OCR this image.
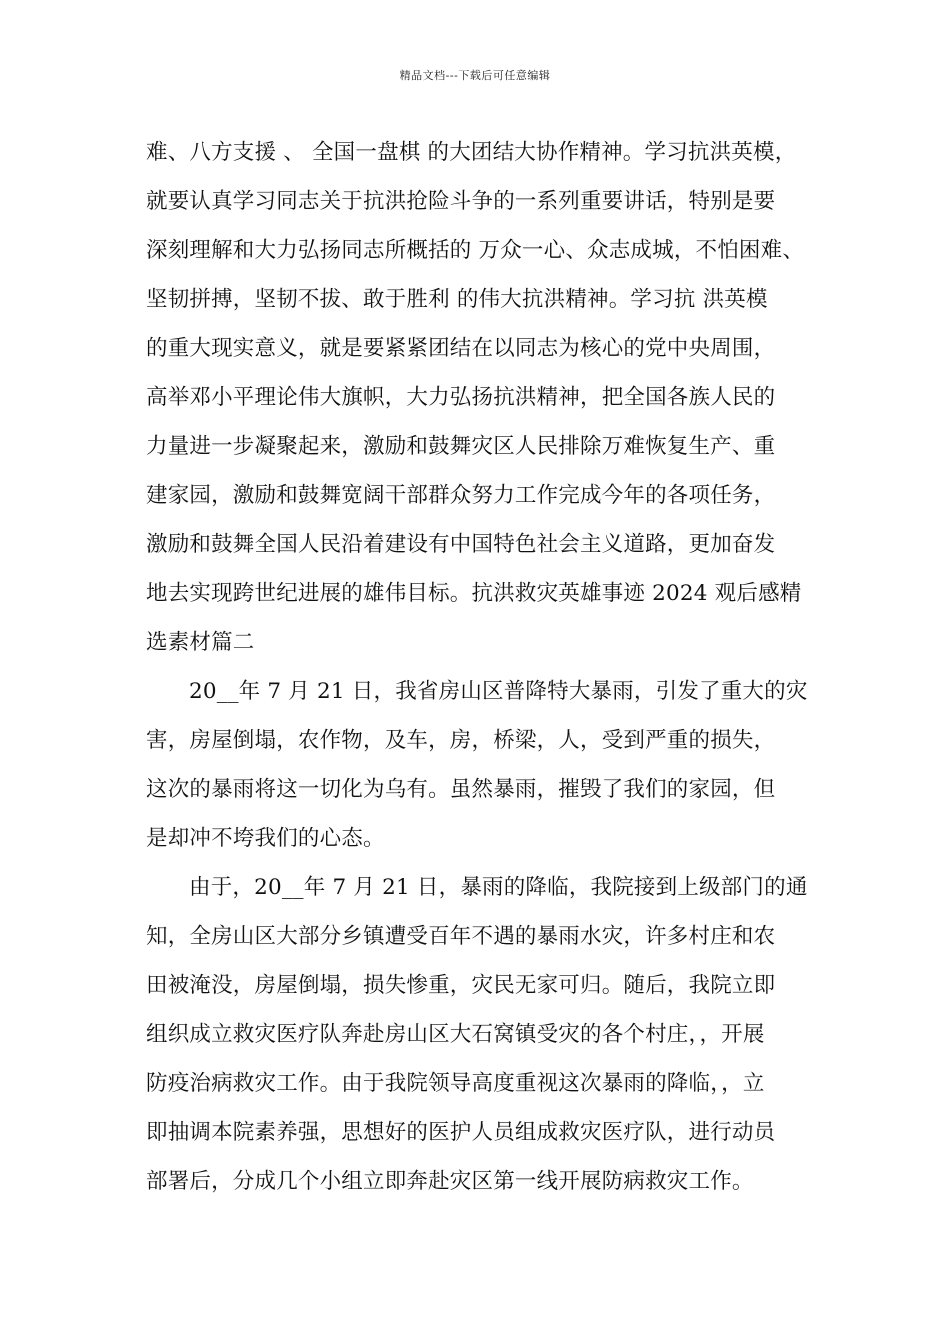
精品文档---下载后可任意编辑
难、八方支援 、 全国一盘棋 的大团结大协作精神。学习抗洪英模，
就要认真学习同志关于抗洪抢险斗争的一系列重要讲话，特别是要
深刻理解和大力弘扬同志所概括的 万众一心、众志成城，不怕困难、
坚韧拼搏，坚韧不拔、敢于胜利 的伟大抗洪精神。学习抗 洪英模
的重大现实意义，就是要紧紧团结在以同志为核心的党中央周围，
高举邓小平理论伟大旗帜，大力弘扬抗洪精神，把全国各族人民的
力量进一步凝聚起来，激励和鼓舞灾区人民排除万难恢复生产、重
建家园，激励和鼓舞宽阔干部群众努力工作完成今年的各项任务，
激励和鼓舞全国人民沿着建设有中国特色社会主义道路，更加奋发
地去实现跨世纪进展的雄伟目标。抗洪救灾英雄事迹 2024 观后感精
选素材篇二
20__年 7 月 21 日，我省房山区普降特大暴雨，引发了重大的灾
害，房屋倒塌，农作物，及车，房，桥梁，人，受到严重的损失，
这次的暴雨将这一切化为乌有。虽然暴雨，摧毁了我们的家园，但
是却冲不垮我们的心态。
由于，20__年 7 月 21 日，暴雨的降临，我院接到上级部门的通
知，全房山区大部分乡镇遭受百年不遇的暴雨水灾，许多村庄和农
田被淹没，房屋倒塌，损失惨重，灾民无家可归。随后，我院立即
组织成立救灾医疗队奔赴房山区大石窝镇受灾的各个村庄，，开展
防疫治病救灾工作。由于我院领导高度重视这次暴雨的降临，，立
即抽调本院素养强，思想好的医护人员组成救灾医疗队，进行动员
部署后，分成几个小组立即奔赴灾区第一线开展防病救灾工作。
